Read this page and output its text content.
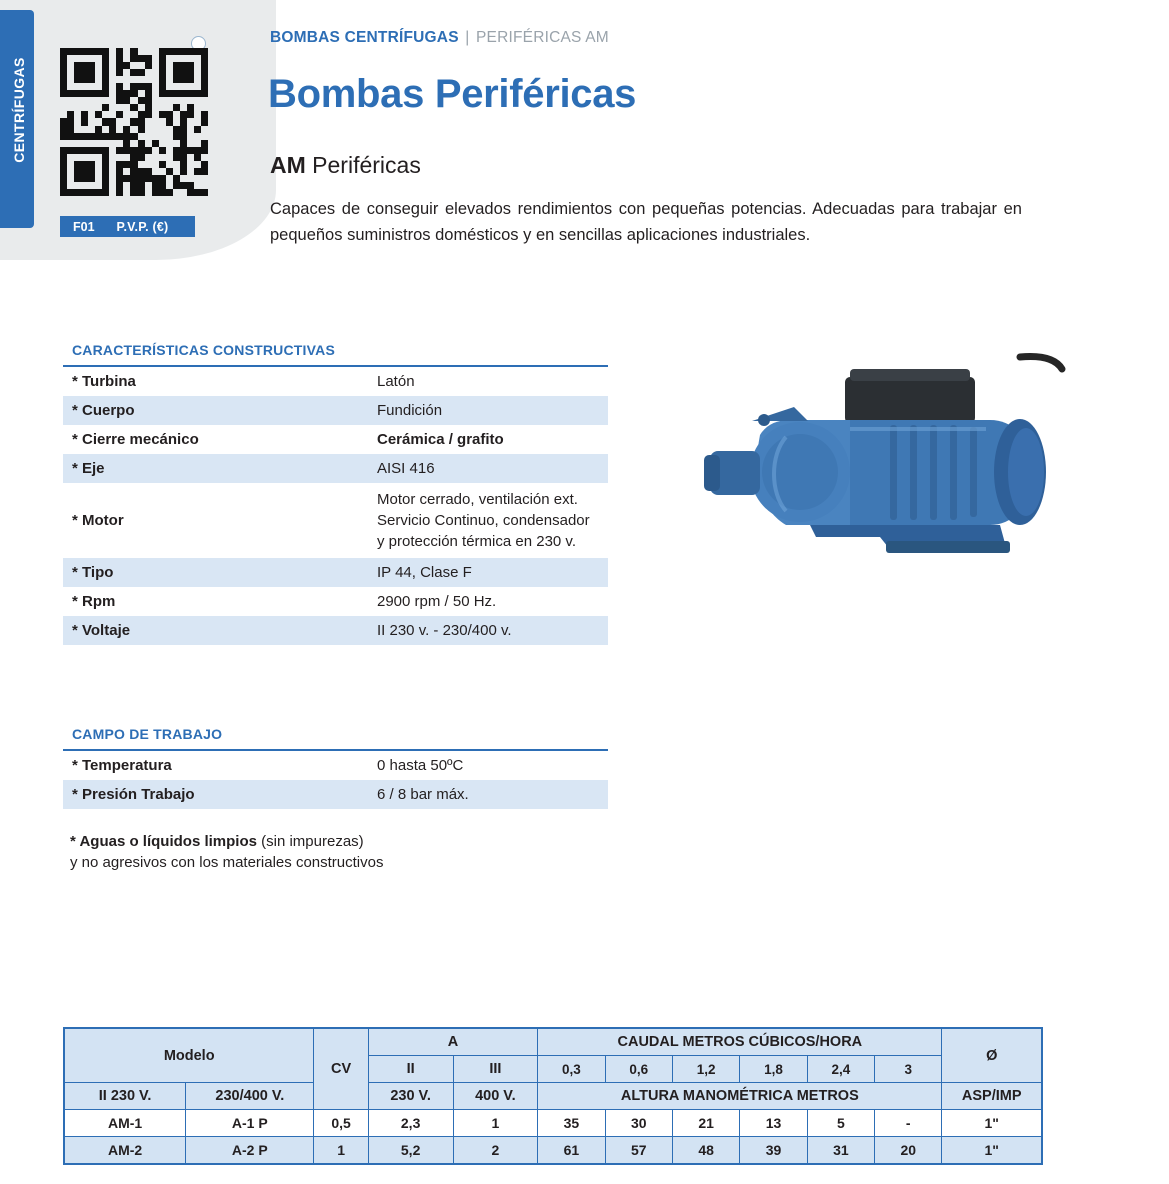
CENTRÍFUGAS
F01	P.V.P. (€)
BOMBAS CENTRÍFUGAS | PERIFÉRICAS AM
Bombas Periféricas
AM Periféricas
Capaces de conseguir elevados rendimientos con pequeñas potencias. Adecuadas para trabajar en pequeños suministros domésticos y en sencillas aplicaciones industriales.
CARACTERÍSTICAS CONSTRUCTIVAS
* Turbina	Latón
* Cuerpo	Fundición
* Cierre mecánico	Cerámica / grafito
* Eje	AISI 416
* Motor	Motor cerrado, ventilación ext. Servicio Continuo, condensador y protección térmica en 230 v.
* Tipo	IP 44, Clase F
* Rpm	2900 rpm / 50 Hz.
* Voltaje	II 230 v. - 230/400 v.
CAMPO DE TRABAJO
* Temperatura	0 hasta 50ºC
* Presión Trabajo	6 / 8 bar máx.
* Aguas o líquidos limpios (sin impurezas)
y no agresivos con los materiales constructivos
Modelo		CV	A		CAUDAL METROS CÚBICOS/HORA						Ø
			II	III	0,3	0,6	1,2	1,8	2,4	3	
II 230 V.	230/400 V.		230 V.	400 V.	ALTURA MANOMÉTRICA METROS						ASP/IMP
AM-1	A-1 P	0,5	2,3	1	35	30	21	13	5	-	1"
AM-2	A-2 P	1	5,2	2	61	57	48	39	31	20	1"
